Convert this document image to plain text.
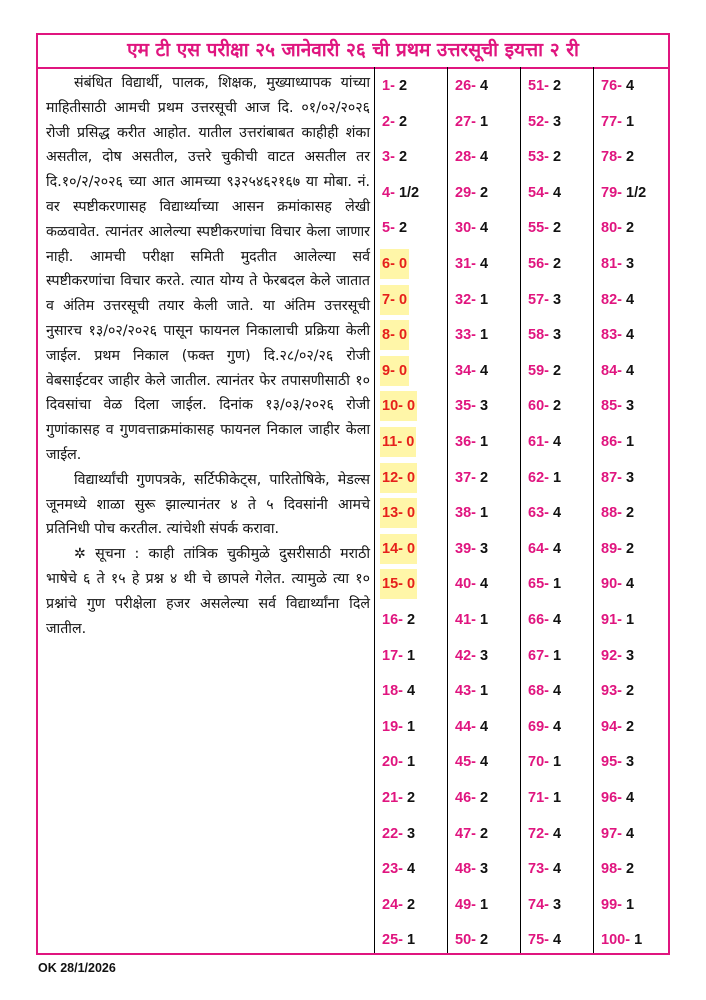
एम टी एस परीक्षा २५ जानेवारी २६ ची प्रथम उत्तरसूची इयत्ता २ री

संबंधित विद्यार्थी, पालक, शिक्षक, मुख्याध्यापक यांच्या माहितीसाठी आमची प्रथम उत्तरसूची आज दि. ०१/०२/२०२६ रोजी प्रसिद्ध करीत आहोत. यातील उत्तरांबाबत काहीही शंका असतील, दोष असतील, उत्तरे चुकीची वाटत असतील तर दि.१०/२/२०२६ च्या आत आमच्या ९३२५४६२१६७ या मोबा. नं. वर स्पष्टीकरणासह विद्यार्थ्याच्या आसन क्रमांकासह लेखी कळवावेत. त्यानंतर आलेल्या स्पष्टीकरणांचा विचार केला जाणार नाही. आमची परीक्षा समिती मुदतीत आलेल्या सर्व स्पष्टीकरणांचा विचार करते. त्यात योग्य ते फेरबदल केले जातात व अंतिम उत्तरसूची तयार केली जाते. या अंतिम उत्तरसूची नुसारच १३/०२/२०२६ पासून फायनल निकालाची प्रक्रिया केली जाईल. प्रथम निकाल (फक्त गुण) दि.२८/०२/२६ रोजी वेबसाईटवर जाहीर केले जातील. त्यानंतर फेर तपासणीसाठी १० दिवसांचा वेळ दिला जाईल. दिनांक १३/०३/२०२६ रोजी गुणांकासह व गुणवत्ताक्रमांकासह फायनल निकाल जाहीर केला जाईल.

विद्यार्थ्यांची गुणपत्रके, सर्टिफीकेट्स, पारितोषिके, मेडल्स जूनमध्ये शाळा सुरू झाल्यानंतर ४ ते ५ दिवसांनी आमचे प्रतिनिधी पोच करतील. त्यांचेशी संपर्क करावा.

✲ सूचना : काही तांत्रिक चुकीमुळे दुसरीसाठी मराठी भाषेचे ६ ते १५ हे प्रश्न ४ थी चे छापले गेलेत. त्यामुळे त्या १० प्रश्नांचे गुण परीक्षेला हजर असलेल्या सर्व विद्यार्थ्यांना दिले जातील.

1- 2
2- 2
3- 2
4- 1/2
5- 2
6- 0
7- 0
8- 0
9- 0
10- 0
11- 0
12- 0
13- 0
14- 0
15- 0
16- 2
17- 1
18- 4
19- 1
20- 1
21- 2
22- 3
23- 4
24- 2
25- 1
26- 4
27- 1
28- 4
29- 2
30- 4
31- 4
32- 1
33- 1
34- 4
35- 3
36- 1
37- 2
38- 1
39- 3
40- 4
41- 1
42- 3
43- 1
44- 4
45- 4
46- 2
47- 2
48- 3
49- 1
50- 2
51- 2
52- 3
53- 2
54- 4
55- 2
56- 2
57- 3
58- 3
59- 2
60- 2
61- 4
62- 1
63- 4
64- 4
65- 1
66- 4
67- 1
68- 4
69- 4
70- 1
71- 1
72- 4
73- 4
74- 3
75- 4
76- 4
77- 1
78- 2
79- 1/2
80- 2
81- 3
82- 4
83- 4
84- 4
85- 3
86- 1
87- 3
88- 2
89- 2
90- 4
91- 1
92- 3
93- 2
94- 2
95- 3
96- 4
97- 4
98- 2
99- 1
100- 1
OK 28/1/2026
